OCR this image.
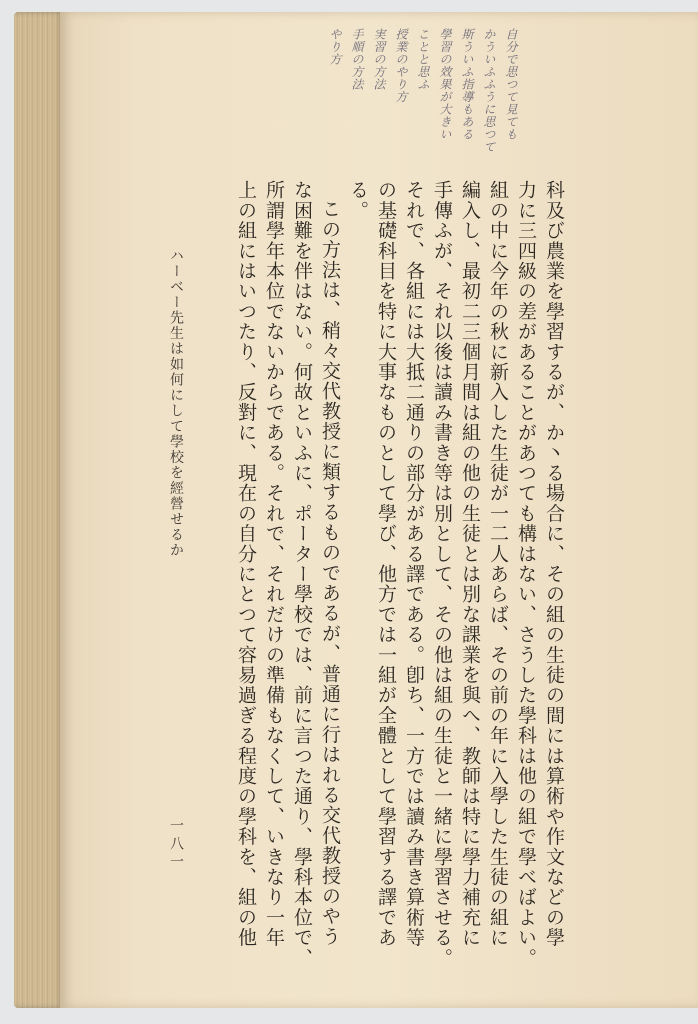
自分で思つて見ても
かういふふうに思つて
斯ういふ指導もある
學習の效果が大きい
ことと思ふ
授業のやり方
実習の方法
手順の方法
やり方
科及び農業を學習するが、か丶る場合に、その組の生徒の間には算術や作文などの學
力に三四級の差があることがあつても構はない、さうした學科は他の組で學べばよい。
組の中に今年の秋に新入した生徒が一二人あらば、その前の年に入學した生徒の組に
編入し、最初二三個月間は組の他の生徒とは別な課業を與へ、教師は特に學力補充に
手傳ふが、それ以後は讀み書き等は別として、その他は組の生徒と一緒に學習させる。
それで、各組には大抵二通りの部分がある譯である。卽ち、一方では讀み書き算術等
の基礎科目を特に大事なものとして學び、他方では一組が全體として學習する譯であ
る。
この方法は、稍々交代教授に類するものであるが、普通に行はれる交代教授のやう
な困難を伴はない。何故といふに、ポーター學校では、前に言つた通り、學科本位で、
所謂學年本位でないからである。それで、それだけの準備もなくして、いきなり一年
上の組にはいつたり、反對に、現在の自分にとつて容易過ぎる程度の學科を、組の他
ハーベー先生は如何にして學校を經營せるか
一八一
